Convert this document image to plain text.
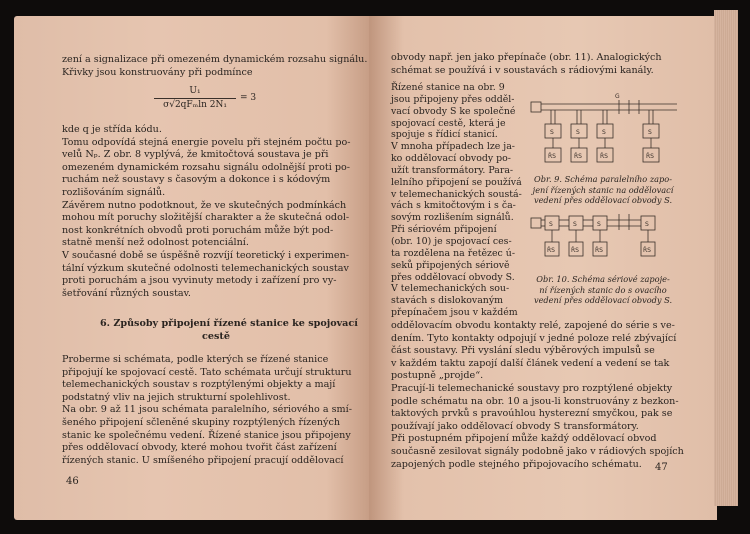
zení a signalizace při omezeném dynamickém rozsahu signálu.

Křivky jsou konstruovány při podmínce

U₁
σ√2qFₘln 2N₁
= 3

kde q je střída kódu.

Tomu odpovídá stejná energie povelu při stejném počtu po-

velů Nₚ. Z obr. 8 vyplývá, že kmitočtová soustava je při

omezeném dynamickém rozsahu signálu odolnější proti po-

ruchám než soustavy s časovým a dokonce i s kódovým

rozlišováním signálů.

Závěrem nutno podotknout, že ve skutečných podmínkách

mohou mít poruchy složitější charakter a že skutečná odol-

nost konkrétních obvodů proti poruchám může být pod-

statně menší než odolnost potenciální.

V současné době se úspěšně rozvíjí teoretický i experimen-

tální výzkum skutečné odolnosti telemechanických soustav

proti poruchám a jsou vyvinuty metody i zařízení pro vy-

šetřování různých soustav.

6. Způsoby připojení řízené stanice ke spojovací

cestě

Proberme si schémata, podle kterých se řízené stanice

připojují ke spojovací cestě. Tato schémata určují strukturu

telemechanických soustav s rozptýlenými objekty a mají

podstatný vliv na jejich strukturní spolehlivost.

Na obr. 9 až 11 jsou schémata paralelního, sériového a smí-

šeného připojení sčleněné skupiny rozptýlených řízených

stanic ke společnému vedení. Řízené stanice jsou připojeny

přes oddělovací obvody, které mohou tvořit část zařízení

řízených stanic. U smíšeného připojení pracují oddělovací

46

obvody např. jen jako přepínače (obr. 11). Analogických

schémat se používá i v soustavách s rádiovými kanály.

Řízené stanice na obr. 9

jsou připojeny přes odděl-

vací obvody S ke společné

spojovací cestě, která je

spojuje s řídicí stanicí.

V mnoha případech lze ja-

ko oddělovací obvody po-

užít transformátory. Para-

lelního připojení se používá

v telemechanických soustá-

vách s kmitočtovým i s ča-

sovým rozlišením signálů.

Při sériovém připojení

(obr. 10) je spojovací ces-

ta rozdělena na řetězec ú-

seků připojených sériově

přes oddělovací obvody S.

V telemechanických sou-

stavách s dislokovaným

přepínačem jsou v každém

G
S	S	S	S
ŘS	ŘS	ŘS	ŘS
Obr. 9. Schéma paralelního zapo-
jení řízených stanic na oddělovací
vedení přes oddělovací obvody S.
S	S	S	S
ŘS	ŘS	ŘS	ŘS
Obr. 10. Schéma sériové zapoje-
ní řízených stanic do s ovacího
vedení přes oddělovací obvody S.

oddělovacím obvodu kontakty relé, zapojené do série s ve-

dením. Tyto kontakty odpojují v jedné poloze relé zbývající

část soustavy. Při vyslání sledu výběrových impulsů se

v každém taktu zapojí další článek vedení a vedení se tak

postupně „projde“.

Pracují-li telemechanické soustavy pro rozptýlené objekty

podle schématu na obr. 10 a jsou-li konstruovány z bezkon-

taktových prvků s pravoúhlou hysterezní smyčkou, pak se

používají jako oddělovací obvody S transformátory.

Při postupném připojení může každý oddělovací obvod

současně zesilovat signály podobně jako v rádiových spojích

zapojených podle stejného připojovacího schématu.	47
